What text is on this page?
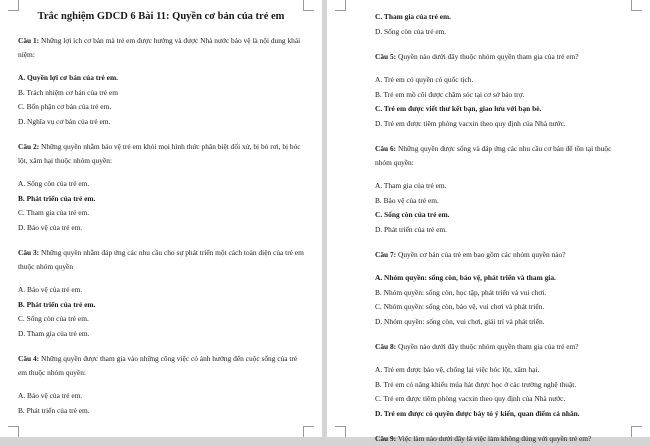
Trắc nghiệm GDCD 6 Bài 11: Quyền cơ bản của trẻ em

Câu 1: Những lợi ích cơ bản mà trẻ em được hưởng và được Nhà nước bảo vệ là nội dung khái niệm:

A. Quyền lợi cơ bản của trẻ em.

B. Trách nhiệm cơ bản của trẻ em

C. Bổn phận cơ bản của trẻ em.

D. Nghĩa vụ cơ bản của trẻ em.

Câu 2: Những quyền nhằm bảo vệ trẻ em khỏi mọi hình thức phân biệt đối xử, bị bỏ rơi, bị bóc lột, xâm hại thuộc nhóm quyền:

A. Sống còn của trẻ em.

B. Phát triển của trẻ em.

C. Tham gia của trẻ em.

D. Bảo vệ của trẻ em.

Câu 3: Những quyền nhằm đáp ứng các nhu cầu cho sự phát triển một cách toàn diện của trẻ em thuộc nhóm quyền

A. Bảo vệ của trẻ em.

B. Phát triển của trẻ em.

C. Sống còn của trẻ em.

D. Tham gia của trẻ em.

Câu 4: Những quyền được tham gia vào những công việc có ảnh hưởng đến cuộc sống của trẻ em thuộc nhóm quyền:

A. Bảo vệ của trẻ em.

B. Phát triển của trẻ em.

C. Tham gia của trẻ em.

D. Sống còn của trẻ em.

Câu 5: Quyền nào dưới đây thuộc nhóm quyền tham gia của trẻ em?

A. Trẻ em có quyền có quốc tịch.

B. Trẻ em mồ côi được chăm sóc tại cơ sở bảo trợ.

C. Trẻ em được viết thư kết bạn, giao lưu với bạn bè.

D. Trẻ em được tiêm phòng vacxin theo quy định của Nhà nước.

Câu 6: Những quyền được sống và đáp ứng các nhu cầu cơ bản để tồn tại thuộc nhóm quyền:

A. Tham gia của trẻ em.

B. Bảo vệ của trẻ em.

C. Sống còn của trẻ em.

D. Phát triển của trẻ em.

Câu 7: Quyền cơ bản của trẻ em bao gồm các nhóm quyền nào?

A. Nhóm quyền: sống còn, bảo vệ, phát triển và tham gia.

B. Nhóm quyền: sống còn, học tập, phát triển và vui chơi.

C. Nhóm quyền: sống còn, bảo vệ, vui chơi và phát triển.

D. Nhóm quyền: sống còn, vui chơi, giải trí và phát triển.

Câu 8: Quyền nào dưới đây thuộc nhóm quyền tham gia của trẻ em?

A. Trẻ em được bảo vệ, chống lại việc bóc lột, xâm hại.

B. Trẻ em có năng khiếu múa hát được học ở các trường nghệ thuật.

C. Trẻ em được tiêm phòng vacxin theo quy định của Nhà nước.

D. Trẻ em được có quyền được bày tỏ ý kiến, quan điểm cá nhân.

Câu 9: Việc làm nào dưới đây là việc làm không đúng với quyền trẻ em?
